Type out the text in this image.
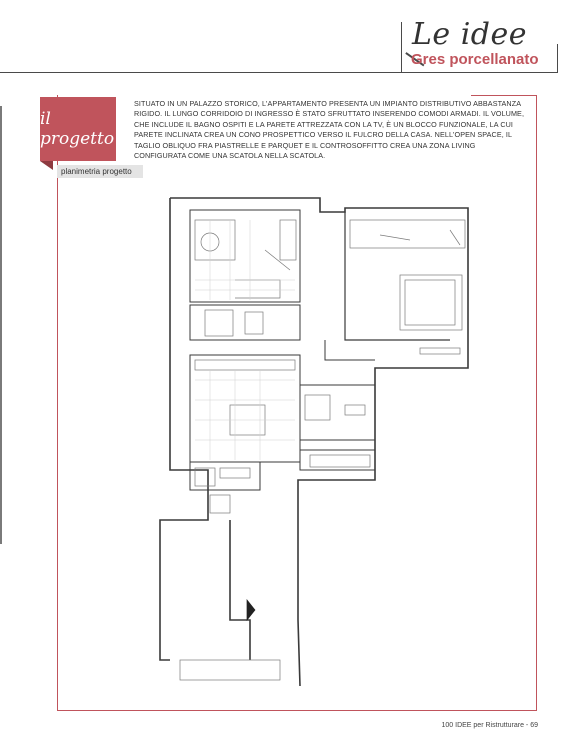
Le idee
Gres porcellanato
il progetto
SITUATO IN UN PALAZZO STORICO, L'APPARTAMENTO PRESENTA UN IMPIANTO DISTRIBUTIVO ABBASTANZA RIGIDO. IL LUNGO CORRIDOIO DI INGRESSO È STATO SFRUTTATO INSERENDO COMODI ARMADI. IL VOLUME, CHE INCLUDE IL BAGNO OSPITI E LA PARETE ATTREZZATA CON LA TV, È UN BLOCCO FUNZIONALE, LA CUI PARETE INCLINATA CREA UN CONO PROSPETTICO VERSO IL FULCRO DELLA CASA. NELL'OPEN SPACE, IL TAGLIO OBLIQUO FRA PIASTRELLE E PARQUET E IL CONTROSOFFITTO CREA UNA ZONA LIVING CONFIGURATA COME UNA SCATOLA NELLA SCATOLA.
planimetria progetto
100 IDEE per Ristrutturare - 69
